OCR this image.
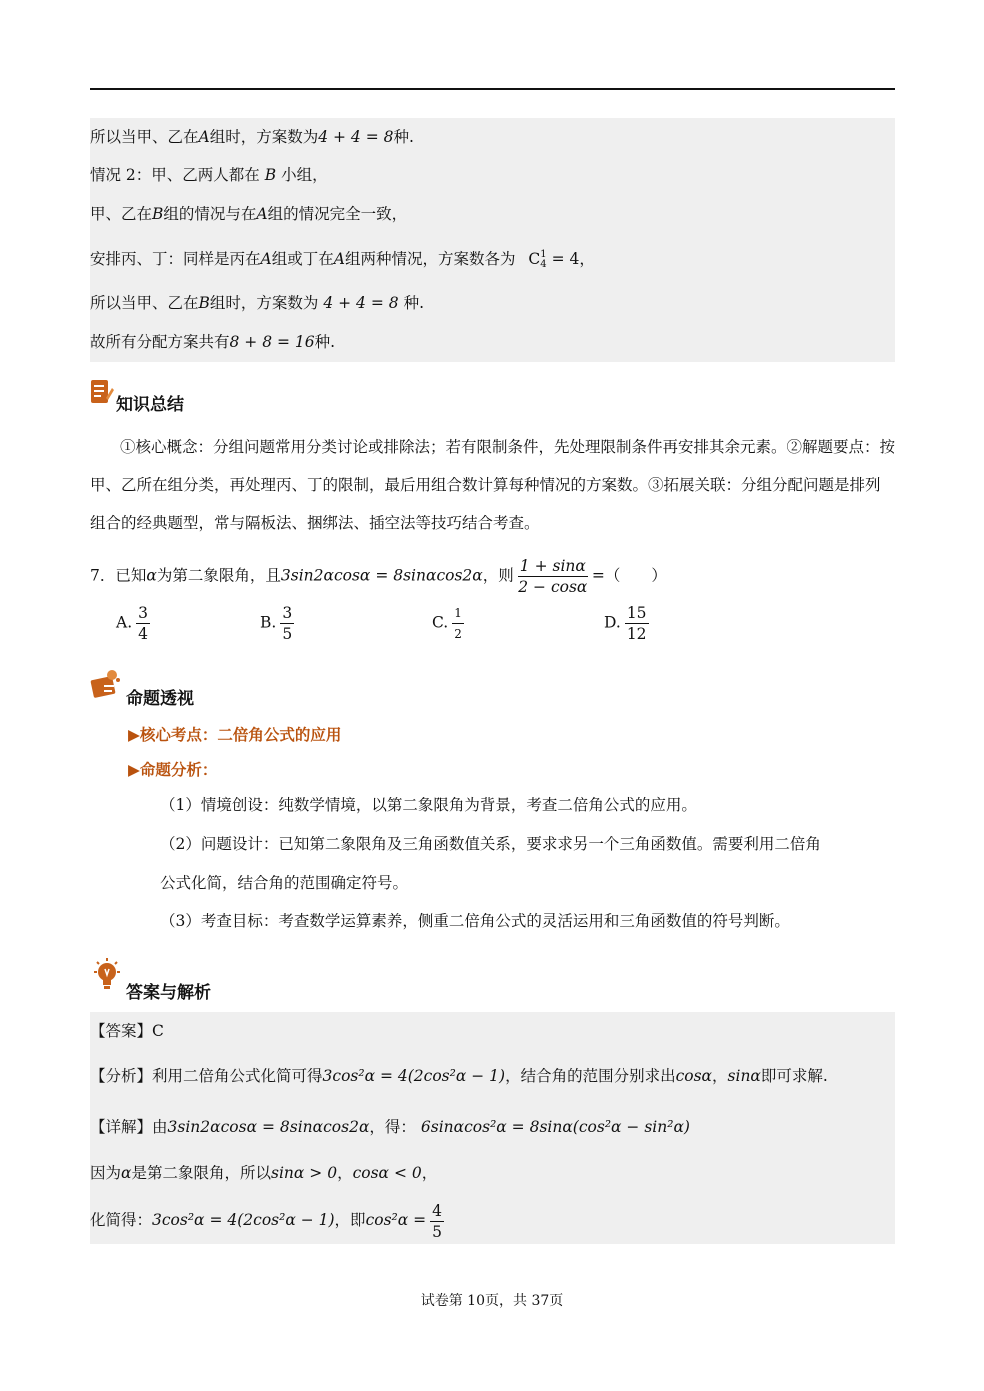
所以当甲、乙在A组时，方案数为4 + 4 = 8种.
情况 2：甲、乙两人都在 B 小组，
甲、乙在B组的情况与在A组的情况完全一致，
安排丙、丁：同样是丙在A组或丁在A组两种情况，方案数各为 C 1
4 = 4，
所以当甲、乙在B组时，方案数为 4 + 4 = 8 种.
故所有分配方案共有8 + 8 = 16种.
知识总结
①核心概念：分组问题常用分类讨论或排除法；若有限制条件，先处理限制条件再安排其余元素。②解题要点：按甲、乙所在组分类，再处理丙、丁的限制，最后用组合数计算每种情况的方案数。③拓展关联：分组分配问题是排列组合的经典题型，常与隔板法、捆绑法、插空法等技巧结合考查。
7．已知α为第二象限角，且3sin2αcosα = 8sinαcos2α，则 $\frac{1 + \sin\alpha}{2 - \cos\alpha}$ =（　　）
A. $\frac{3}{4}$	B. $\frac{3}{5}$	C. $\frac{1}{2}$	D. $\frac{15}{12}$
命题透视
▶核心考点：二倍角公式的应用
▶命题分析：
（1）情境创设：纯数学情境，以第二象限角为背景，考查二倍角公式的应用。
（2）问题设计：已知第二象限角及三角函数值关系，要求求另一个三角函数值。需要利用二倍角
公式化简，结合角的范围确定符号。
（3）考查目标：考查数学运算素养，侧重二倍角公式的灵活运用和三角函数值的符号判断。
答案与解析
【答案】C
【分析】利用二倍角公式化简可得3cos²α = 4(2cos²α − 1)，结合角的范围分别求出cosα，sinα即可求解.
【详解】由3sin2αcosα = 8sinαcos2α，得： 6sinαcos²α = 8sinα(cos²α − sin²α)
因为α是第二象限角，所以sinα > 0，cosα < 0，
化简得：3cos²α = 4(2cos²α − 1)，即$\cos^2\alpha = \frac{4}{5}$
试卷第 10页，共 37页
